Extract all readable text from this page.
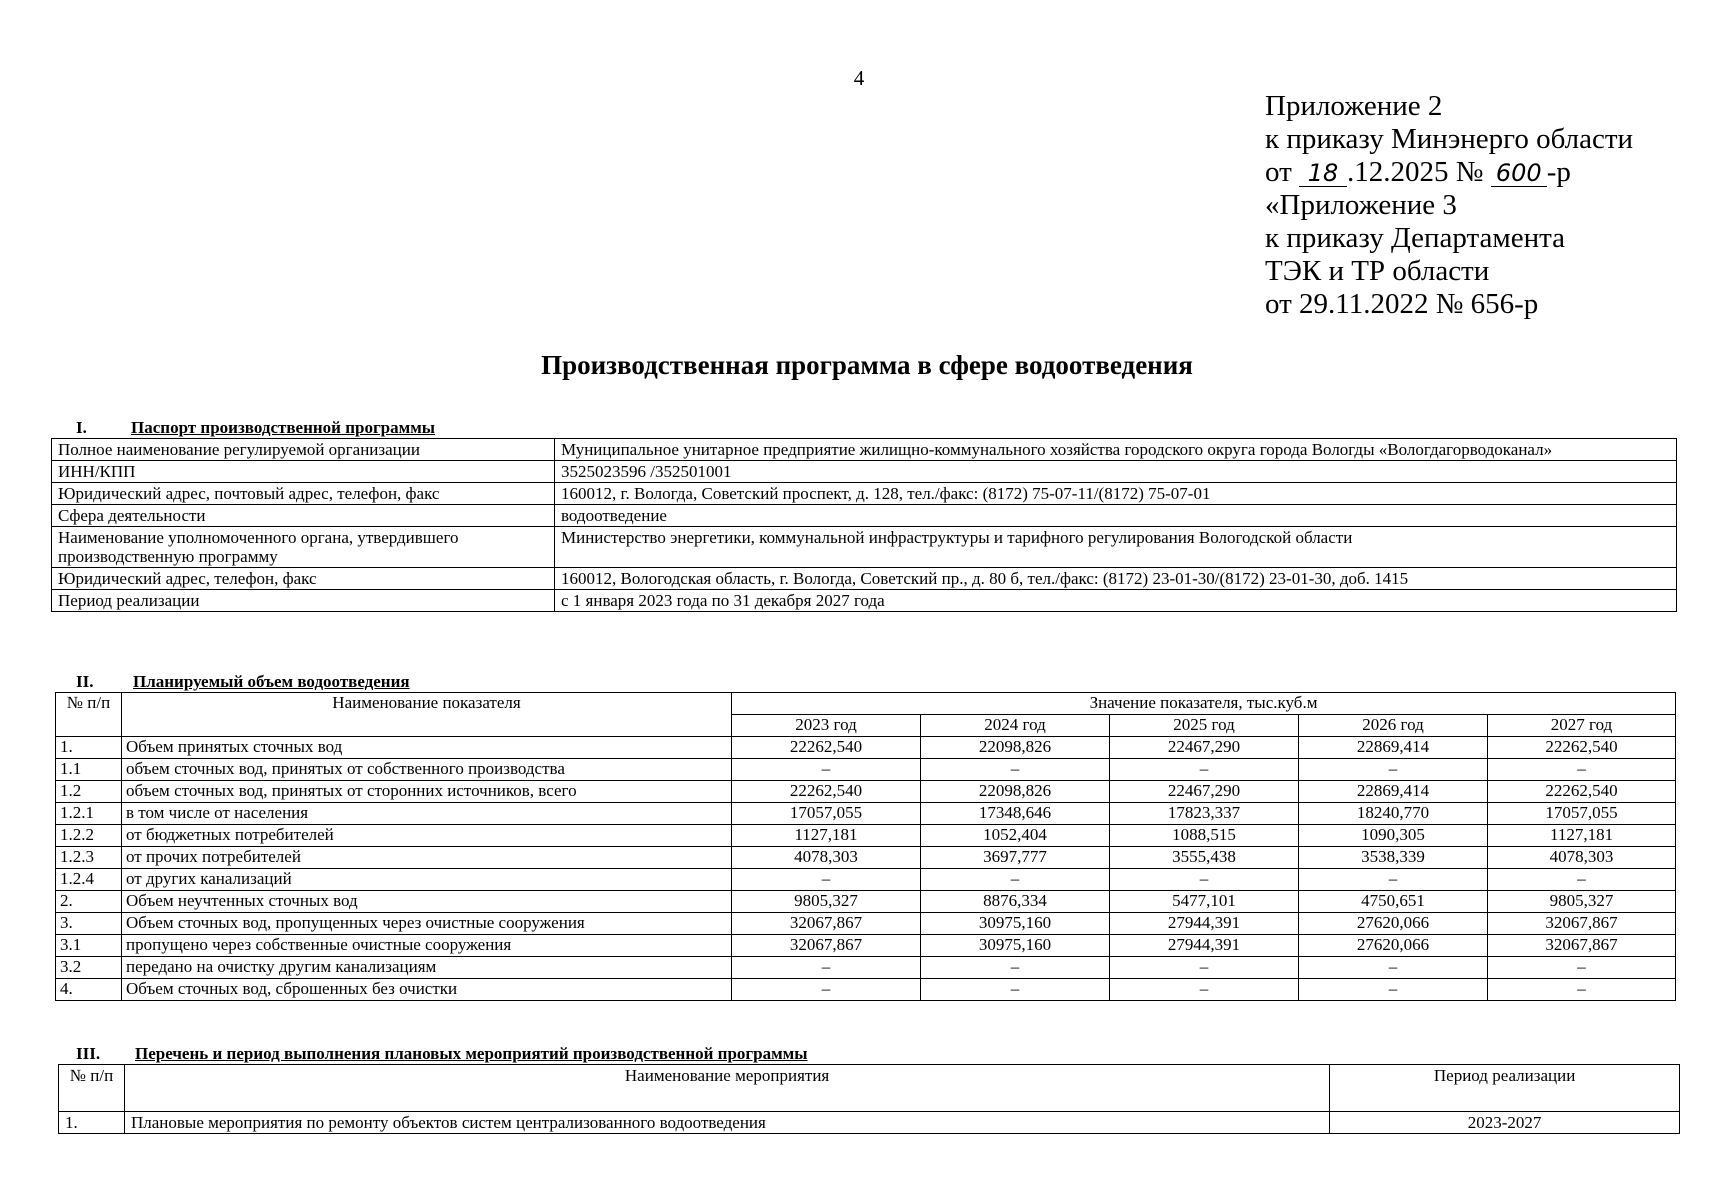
4
Приложение 2
к приказу Минэнерго области
от 18 .12.2025 № 600 -р
«Приложение 3
к приказу Департамента
ТЭК и ТР области
от 29.11.2022 № 656-р
Производственная программа в сфере водоотведения
I.	Паспорт производственной программы
Полное наименование регулируемой организации	Муниципальное унитарное предприятие жилищно-коммунального хозяйства городского округа города Вологды «Вологдагорводоканал»
ИНН/КПП	3525023596 /352501001
Юридический адрес, почтовый адрес, телефон, факс	160012, г. Вологда, Советский проспект, д. 128, тел./факс: (8172) 75-07-11/(8172) 75-07-01
Сфера деятельности	водоотведение
Наименование уполномоченного органа, утвердившего производственную программу	Министерство энергетики, коммунальной инфраструктуры и тарифного регулирования Вологодской области
Юридический адрес, телефон, факс	160012, Вологодская область, г. Вологда, Советский пр., д. 80 б, тел./факс: (8172) 23-01-30/(8172) 23-01-30, доб. 1415
Период реализации	с 1 января 2023 года по 31 декабря 2027 года
II. Планируемый объем водоотведения
№ п/п	Наименование показателя	Значение показателя, тыс.куб.м				
		2023 год	2024 год	2025 год	2026 год	2027 год
1.	Объем принятых сточных вод	22262,540	22098,826	22467,290	22869,414	22262,540
1.1	объем сточных вод, принятых от собственного производства	–	–	–	–	–
1.2	объем сточных вод, принятых от сторонних источников, всего	22262,540	22098,826	22467,290	22869,414	22262,540
1.2.1	в том числе от населения	17057,055	17348,646	17823,337	18240,770	17057,055
1.2.2	от бюджетных потребителей	1127,181	1052,404	1088,515	1090,305	1127,181
1.2.3	от прочих потребителей	4078,303	3697,777	3555,438	3538,339	4078,303
1.2.4	от других канализаций	–	–	–	–	–
2.	Объем неучтенных сточных вод	9805,327	8876,334	5477,101	4750,651	9805,327
3.	Объем сточных вод, пропущенных через очистные сооружения	32067,867	30975,160	27944,391	27620,066	32067,867
3.1	пропущено через собственные очистные сооружения	32067,867	30975,160	27944,391	27620,066	32067,867
3.2	передано на очистку другим канализациям	–	–	–	–	–
4.	Объем сточных вод, сброшенных без очистки	–	–	–	–	–
III. Перечень и период выполнения плановых мероприятий производственной программы
№ п/п	Наименование мероприятия	Период реализации
1.	Плановые мероприятия по ремонту объектов систем централизованного водоотведения	2023-2027
